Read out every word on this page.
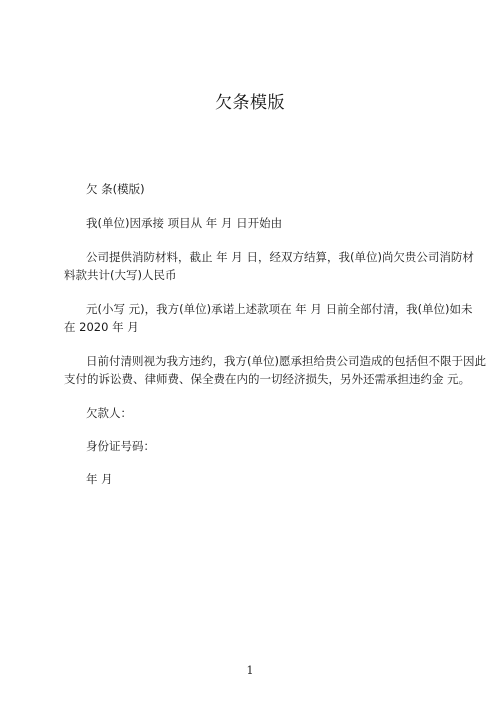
欠条模版
欠 条(模版)
我(单位)因承接 项目从 年 月 日开始由
公司提供消防材料，截止 年 月 日，经双方结算，我(单位)尚欠贵公司消防材
料款共计(大写)人民币
元(小写 元)，我方(单位)承诺上述款项在 年 月 日前全部付清，我(单位)如未
在 2020 年 月
日前付清则视为我方违约，我方(单位)愿承担给贵公司造成的包括但不限于因此
支付的诉讼费、律师费、保全费在内的一切经济损失，另外还需承担违约金 元。
欠款人：
身份证号码：
年 月
1
